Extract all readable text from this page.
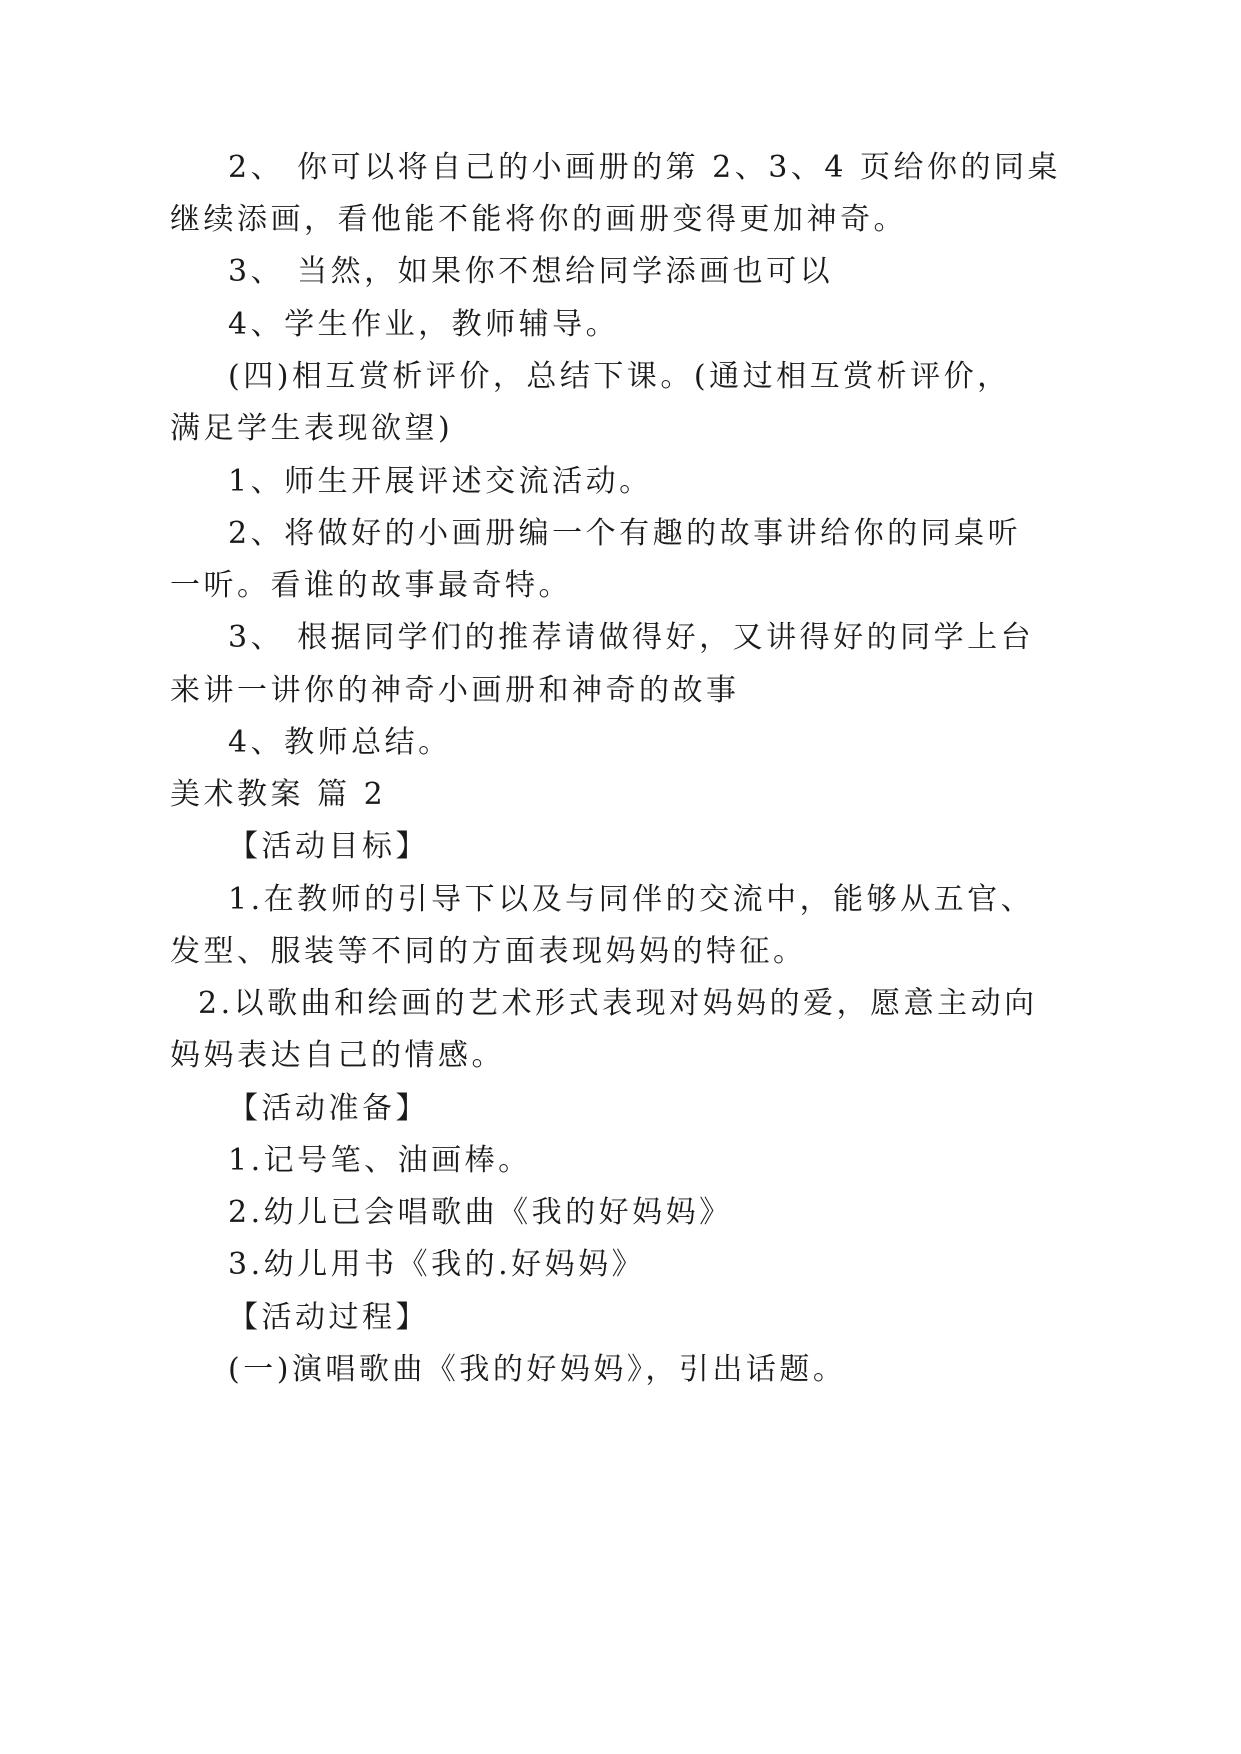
2、 你可以将自己的小画册的第 2、3、4 页给你的同桌
继续添画，看他能不能将你的画册变得更加神奇。
3、 当然，如果你不想给同学添画也可以
4、学生作业，教师辅导。
(四)相互赏析评价，总结下课。(通过相互赏析评价，
满足学生表现欲望)
1、师生开展评述交流活动。
2、将做好的小画册编一个有趣的故事讲给你的同桌听
一听。看谁的故事最奇特。
3、 根据同学们的推荐请做得好，又讲得好的同学上台
来讲一讲你的神奇小画册和神奇的故事
4、教师总结。
美术教案 篇 2
【活动目标】
1.在教师的引导下以及与同伴的交流中，能够从五官、
发型、服装等不同的方面表现妈妈的特征。
2.以歌曲和绘画的艺术形式表现对妈妈的爱，愿意主动向
妈妈表达自己的情感。
【活动准备】
1.记号笔、油画棒。
2.幼儿已会唱歌曲《我的好妈妈》
3.幼儿用书《我的.好妈妈》
【活动过程】
(一)演唱歌曲《我的好妈妈》，引出话题。
